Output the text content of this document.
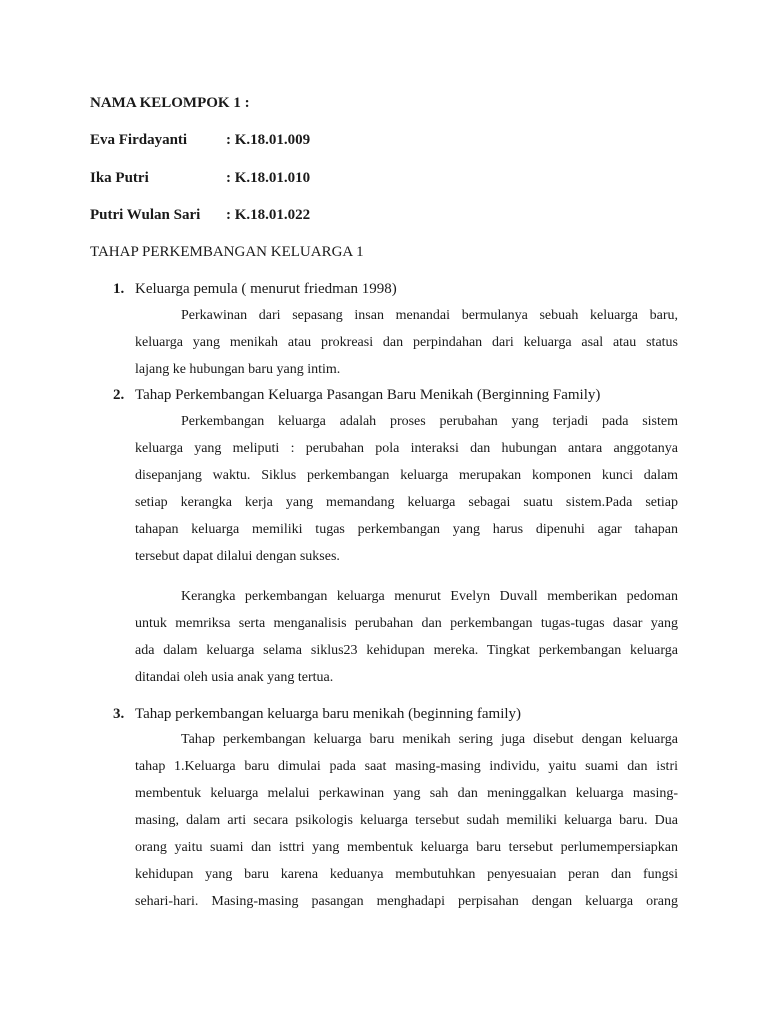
NAMA KELOMPOK 1 :
Eva Firdayanti	: K.18.01.009
Ika Putri	: K.18.01.010
Putri Wulan Sari : K.18.01.022
TAHAP PERKEMBANGAN KELUARGA 1
1. Keluarga pemula ( menurut friedman 1998)
Perkawinan dari sepasang insan menandai bermulanya sebuah keluarga baru,
keluarga yang menikah atau prokreasi dan perpindahan dari keluarga asal atau status
lajang ke hubungan baru yang intim.
2. Tahap Perkembangan Keluarga Pasangan Baru Menikah (Berginning Family)
Perkembangan keluarga adalah proses perubahan yang terjadi pada sistem
keluarga yang meliputi : perubahan pola interaksi dan hubungan antara anggotanya
disepanjang waktu. Siklus perkembangan keluarga merupakan komponen kunci dalam
setiap kerangka kerja yang memandang keluarga sebagai suatu sistem.Pada setiap
tahapan keluarga memiliki tugas perkembangan yang harus dipenuhi agar tahapan
tersebut dapat dilalui dengan sukses.
Kerangka perkembangan keluarga menurut Evelyn Duvall memberikan pedoman
untuk memriksa serta menganalisis perubahan dan perkembangan tugas-tugas dasar yang
ada dalam keluarga selama siklus23 kehidupan mereka. Tingkat perkembangan keluarga
ditandai oleh usia anak yang tertua.
3. Tahap perkembangan keluarga baru menikah (beginning family)
Tahap perkembangan keluarga baru menikah sering juga disebut dengan keluarga
tahap 1.Keluarga baru dimulai pada saat masing-masing individu, yaitu suami dan istri
membentuk keluarga melalui perkawinan yang sah dan meninggalkan keluarga masing-
masing, dalam arti secara psikologis keluarga tersebut sudah memiliki keluarga baru. Dua
orang yaitu suami dan isttri yang membentuk keluarga baru tersebut perlumempersiapkan
kehidupan yang baru karena keduanya membutuhkan penyesuaian peran dan fungsi
sehari-hari. Masing-masing pasangan menghadapi perpisahan dengan keluarga orang
